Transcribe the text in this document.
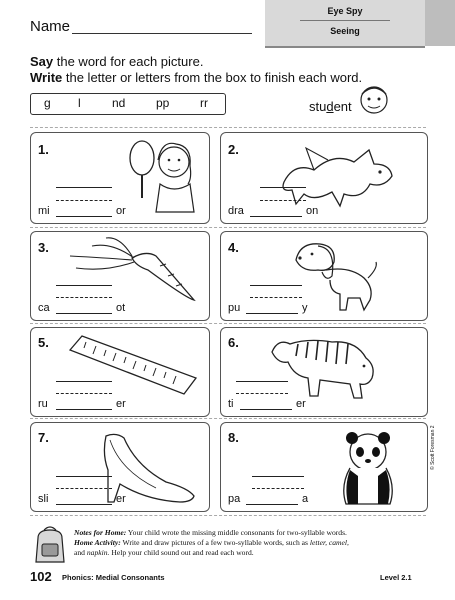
Name
Eye Spy
Seeing
Say the word for each picture.
Write the letter or letters from the box to finish each word.
g l	nd	pp	rr	student
1.
mi	or
2.
dra	on
3.
ca	ot
4.
pu	y
5.
ru	er
6.
ti	er
7.
sli	er
8.
pa	a
Notes for Home: Your child wrote the missing middle consonants for two-syllable words.
Home Activity: Write and draw pictures of a few two-syllable words, such as letter, camel,
and napkin. Help your child sound out and read each word.
102 Phonics: Medial Consonants	Level 2.1
© Scott Foresman 2
